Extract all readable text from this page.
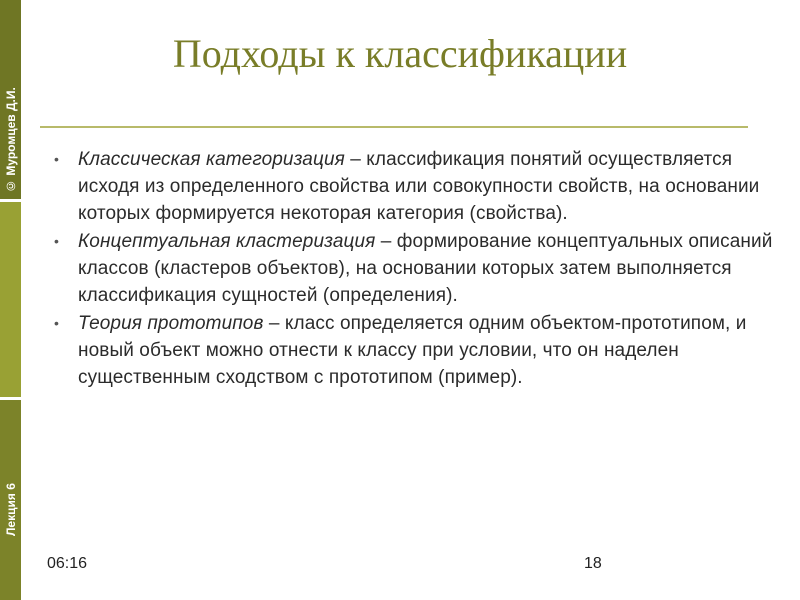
© Муромцев Д.И.
Лекция 6
Подходы к классификации
• Классическая категоризация – классификация понятий осуществляется исходя из определенного свойства или совокупности свойств, на основании которых формируется некоторая категория (свойства).
• Концептуальная кластеризация – формирование концептуальных описаний классов (кластеров объектов), на основании которых затем выполняется классификация сущностей (определения).
• Теория прототипов – класс определяется одним объектом-прототипом, и новый объект можно отнести к классу при условии, что он наделен существенным сходством с прототипом (пример).
06:16	18
